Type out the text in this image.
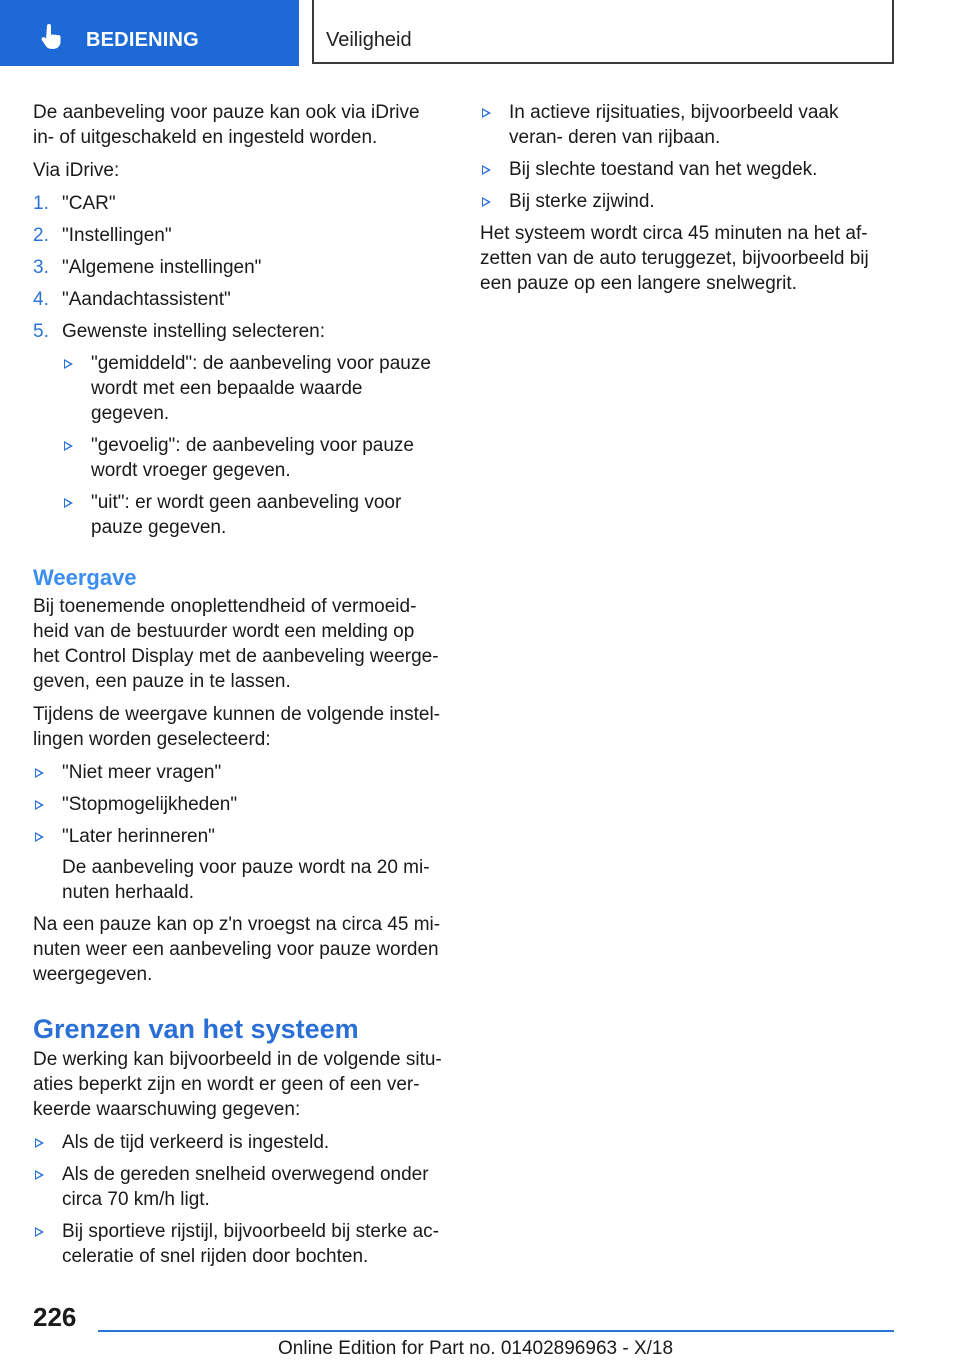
BEDIENING	Veiligheid

De aanbeveling voor pauze kan ook via iDrive in- of uitgeschakeld en ingesteld worden.

Via iDrive:

1. "CAR"
2. "Instellingen"
3. "Algemene instellingen"
4. "Aandachtassistent"
5. Gewenste instelling selecteren:
"gemiddeld": de aanbeveling voor pauze wordt met een bepaalde waarde gegeven.
"gevoelig": de aanbeveling voor pauze wordt vroeger gegeven.
"uit": er wordt geen aanbeveling voor pauze gegeven.
Weergave

Bij toenemende onoplettendheid of vermoeid- heid van de bestuurder wordt een melding op het Control Display met de aanbeveling weerge- geven, een pauze in te lassen.

Tijdens de weergave kunnen de volgende instel- lingen worden geselecteerd:

"Niet meer vragen"
"Stopmogelijkheden"
"Later herinneren"
De aanbeveling voor pauze wordt na 20 mi- nuten herhaald.

Na een pauze kan op z'n vroegst na circa 45 mi- nuten weer een aanbeveling voor pauze worden weergegeven.

Grenzen van het systeem

De werking kan bijvoorbeeld in de volgende situ- aties beperkt zijn en wordt er geen of een ver- keerde waarschuwing gegeven:

Als de tijd verkeerd is ingesteld.
Als de gereden snelheid overwegend onder circa 70 km/h ligt.
Bij sportieve rijstijl, bijvoorbeeld bij sterke ac- celeratie of snel rijden door bochten.
In actieve rijsituaties, bijvoorbeeld vaak veran- deren van rijbaan.
Bij slechte toestand van het wegdek.
Bij sterke zijwind.

Het systeem wordt circa 45 minuten na het af- zetten van de auto teruggezet, bijvoorbeeld bij een pauze op een langere snelwegrit.

226
Online Edition for Part no. 01402896963 - X/18
